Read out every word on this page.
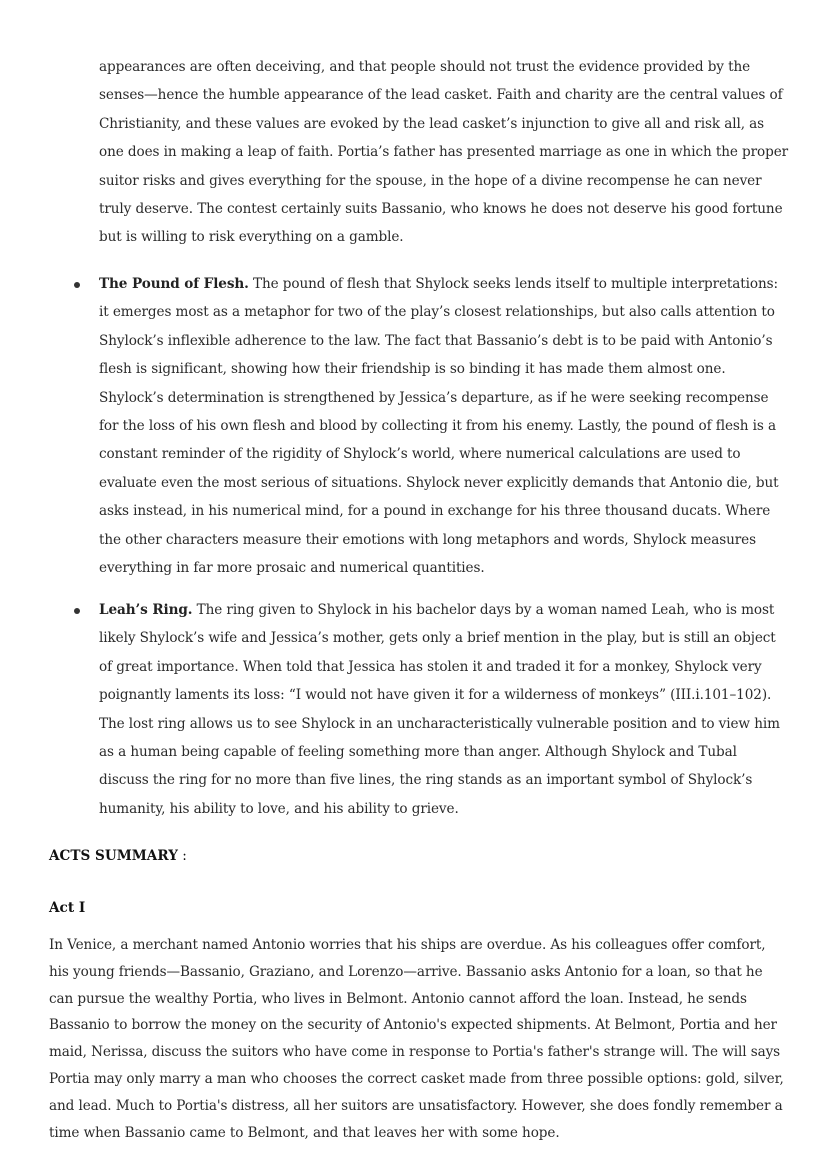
appearances are often deceiving, and that people should not trust the evidence provided by the senses—hence the humble appearance of the lead casket. Faith and charity are the central values of Christianity, and these values are evoked by the lead casket’s injunction to give all and risk all, as one does in making a leap of faith. Portia’s father has presented marriage as one in which the proper suitor risks and gives everything for the spouse, in the hope of a divine recompense he can never truly deserve. The contest certainly suits Bassanio, who knows he does not deserve his good fortune but is willing to risk everything on a gamble.

The Pound of Flesh. The pound of flesh that Shylock seeks lends itself to multiple interpretations: it emerges most as a metaphor for two of the play’s closest relationships, but also calls attention to Shylock’s inflexible adherence to the law. The fact that Bassanio’s debt is to be paid with Antonio’s flesh is significant, showing how their friendship is so binding it has made them almost one. Shylock’s determination is strengthened by Jessica’s departure, as if he were seeking recompense for the loss of his own flesh and blood by collecting it from his enemy. Lastly, the pound of flesh is a constant reminder of the rigidity of Shylock’s world, where numerical calculations are used to evaluate even the most serious of situations. Shylock never explicitly demands that Antonio die, but asks instead, in his numerical mind, for a pound in exchange for his three thousand ducats. Where the other characters measure their emotions with long metaphors and words, Shylock measures everything in far more prosaic and numerical quantities.

Leah’s Ring. The ring given to Shylock in his bachelor days by a woman named Leah, who is most likely Shylock’s wife and Jessica’s mother, gets only a brief mention in the play, but is still an object of great importance. When told that Jessica has stolen it and traded it for a monkey, Shylock very poignantly laments its loss: “I would not have given it for a wilderness of monkeys” (III.i.101–102). The lost ring allows us to see Shylock in an uncharacteristically vulnerable position and to view him as a human being capable of feeling something more than anger. Although Shylock and Tubal discuss the ring for no more than five lines, the ring stands as an important symbol of Shylock’s humanity, his ability to love, and his ability to grieve.

ACTS SUMMARY :
Act I

In Venice, a merchant named Antonio worries that his ships are overdue. As his colleagues offer comfort, his young friends—Bassanio, Graziano, and Lorenzo—arrive. Bassanio asks Antonio for a loan, so that he can pursue the wealthy Portia, who lives in Belmont. Antonio cannot afford the loan. Instead, he sends Bassanio to borrow the money on the security of Antonio's expected shipments. At Belmont, Portia and her maid, Nerissa, discuss the suitors who have come in response to Portia's father's strange will. The will says Portia may only marry a man who chooses the correct casket made from three possible options: gold, silver, and lead. Much to Portia's distress, all her suitors are unsatisfactory. However, she does fondly remember a time when Bassanio came to Belmont, and that leaves her with some hope.
